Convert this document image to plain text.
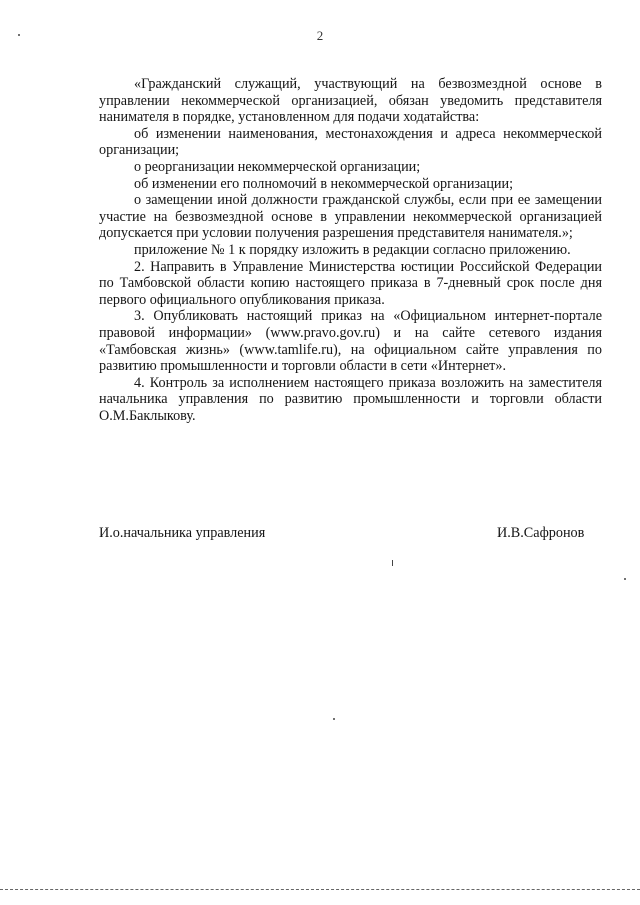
2

«Гражданский служащий, участвующий на безвозмездной основе в управлении некоммерческой организацией, обязан уведомить представителя нанимателя в порядке, установленном для подачи ходатайства:

об изменении наименования, местонахождения и адреса некоммерческой организации;

о реорганизации некоммерческой организации;

об изменении его полномочий в некоммерческой организации;

о замещении иной должности гражданской службы, если при ее замещении участие на безвозмездной основе в управлении некоммерческой организацией допускается при условии получения разрешения представителя нанимателя.»;

приложение № 1 к порядку изложить в редакции согласно приложению.

2. Направить в Управление Министерства юстиции Российской Федерации по Тамбовской области копию настоящего приказа в 7-дневный срок после дня первого официального опубликования приказа.

3. Опубликовать настоящий приказ на «Официальном интернет-портале правовой информации» (www.pravo.gov.ru) и на сайте сетевого издания «Тамбовская жизнь» (www.tamlife.ru), на официальном сайте управления по развитию промышленности и торговли области в сети «Интернет».

4. Контроль за исполнением настоящего приказа возложить на заместителя начальника управления по развитию промышленности и торговли области О.М.Баклыкову.

И.о.начальника управления	И.В.Сафронов
